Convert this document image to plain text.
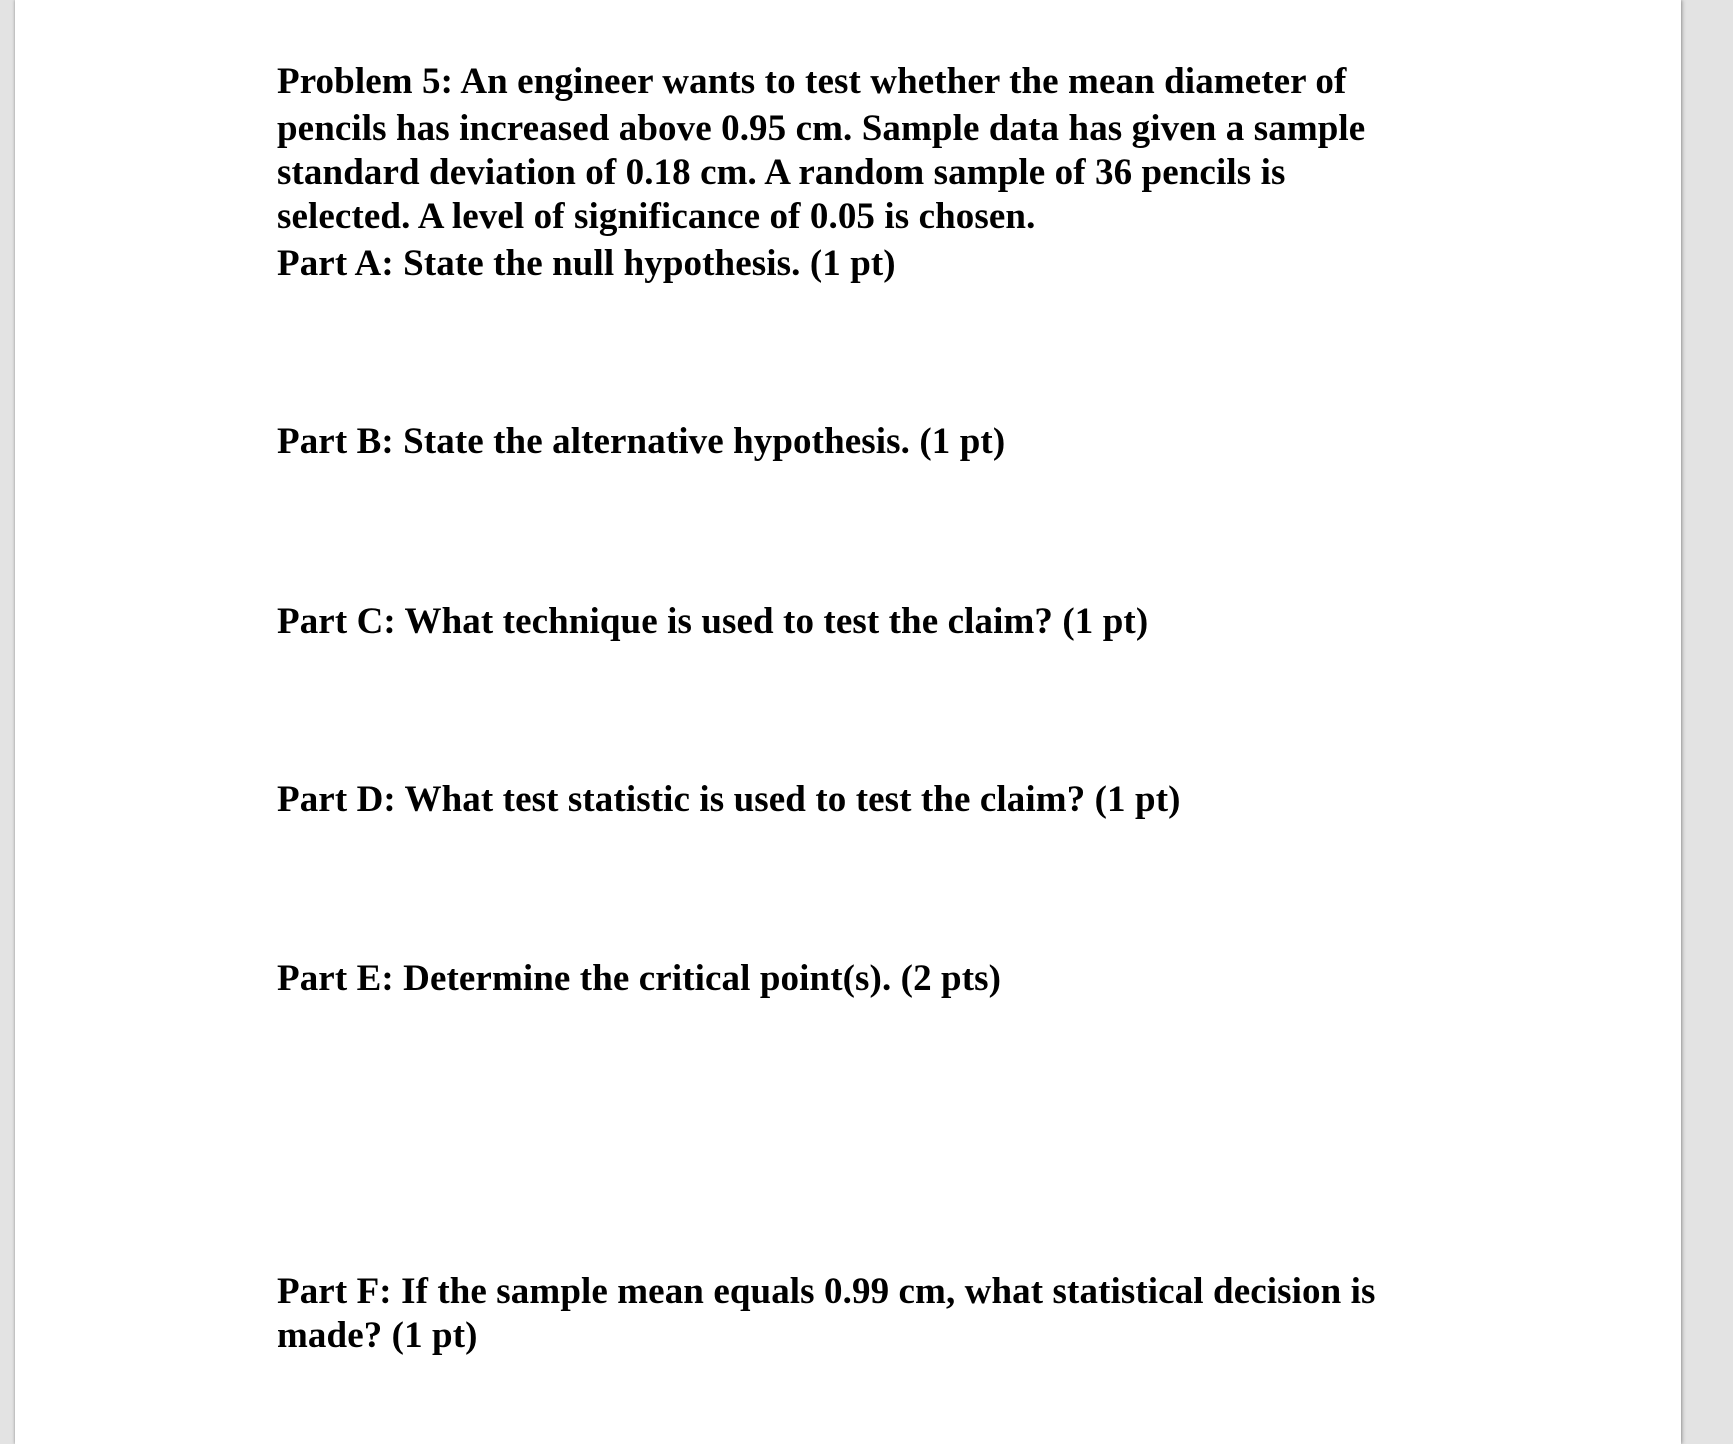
Problem 5: An engineer wants to test whether the mean diameter of
pencils has increased above 0.95 cm. Sample data has given a sample
standard deviation of 0.18 cm. A random sample of 36 pencils is
selected. A level of significance of 0.05 is chosen.
Part A: State the null hypothesis. (1 pt)
Part B: State the alternative hypothesis. (1 pt)
Part C: What technique is used to test the claim? (1 pt)
Part D: What test statistic is used to test the claim? (1 pt)
Part E: Determine the critical point(s). (2 pts)
Part F: If the sample mean equals 0.99 cm, what statistical decision is
made? (1 pt)
